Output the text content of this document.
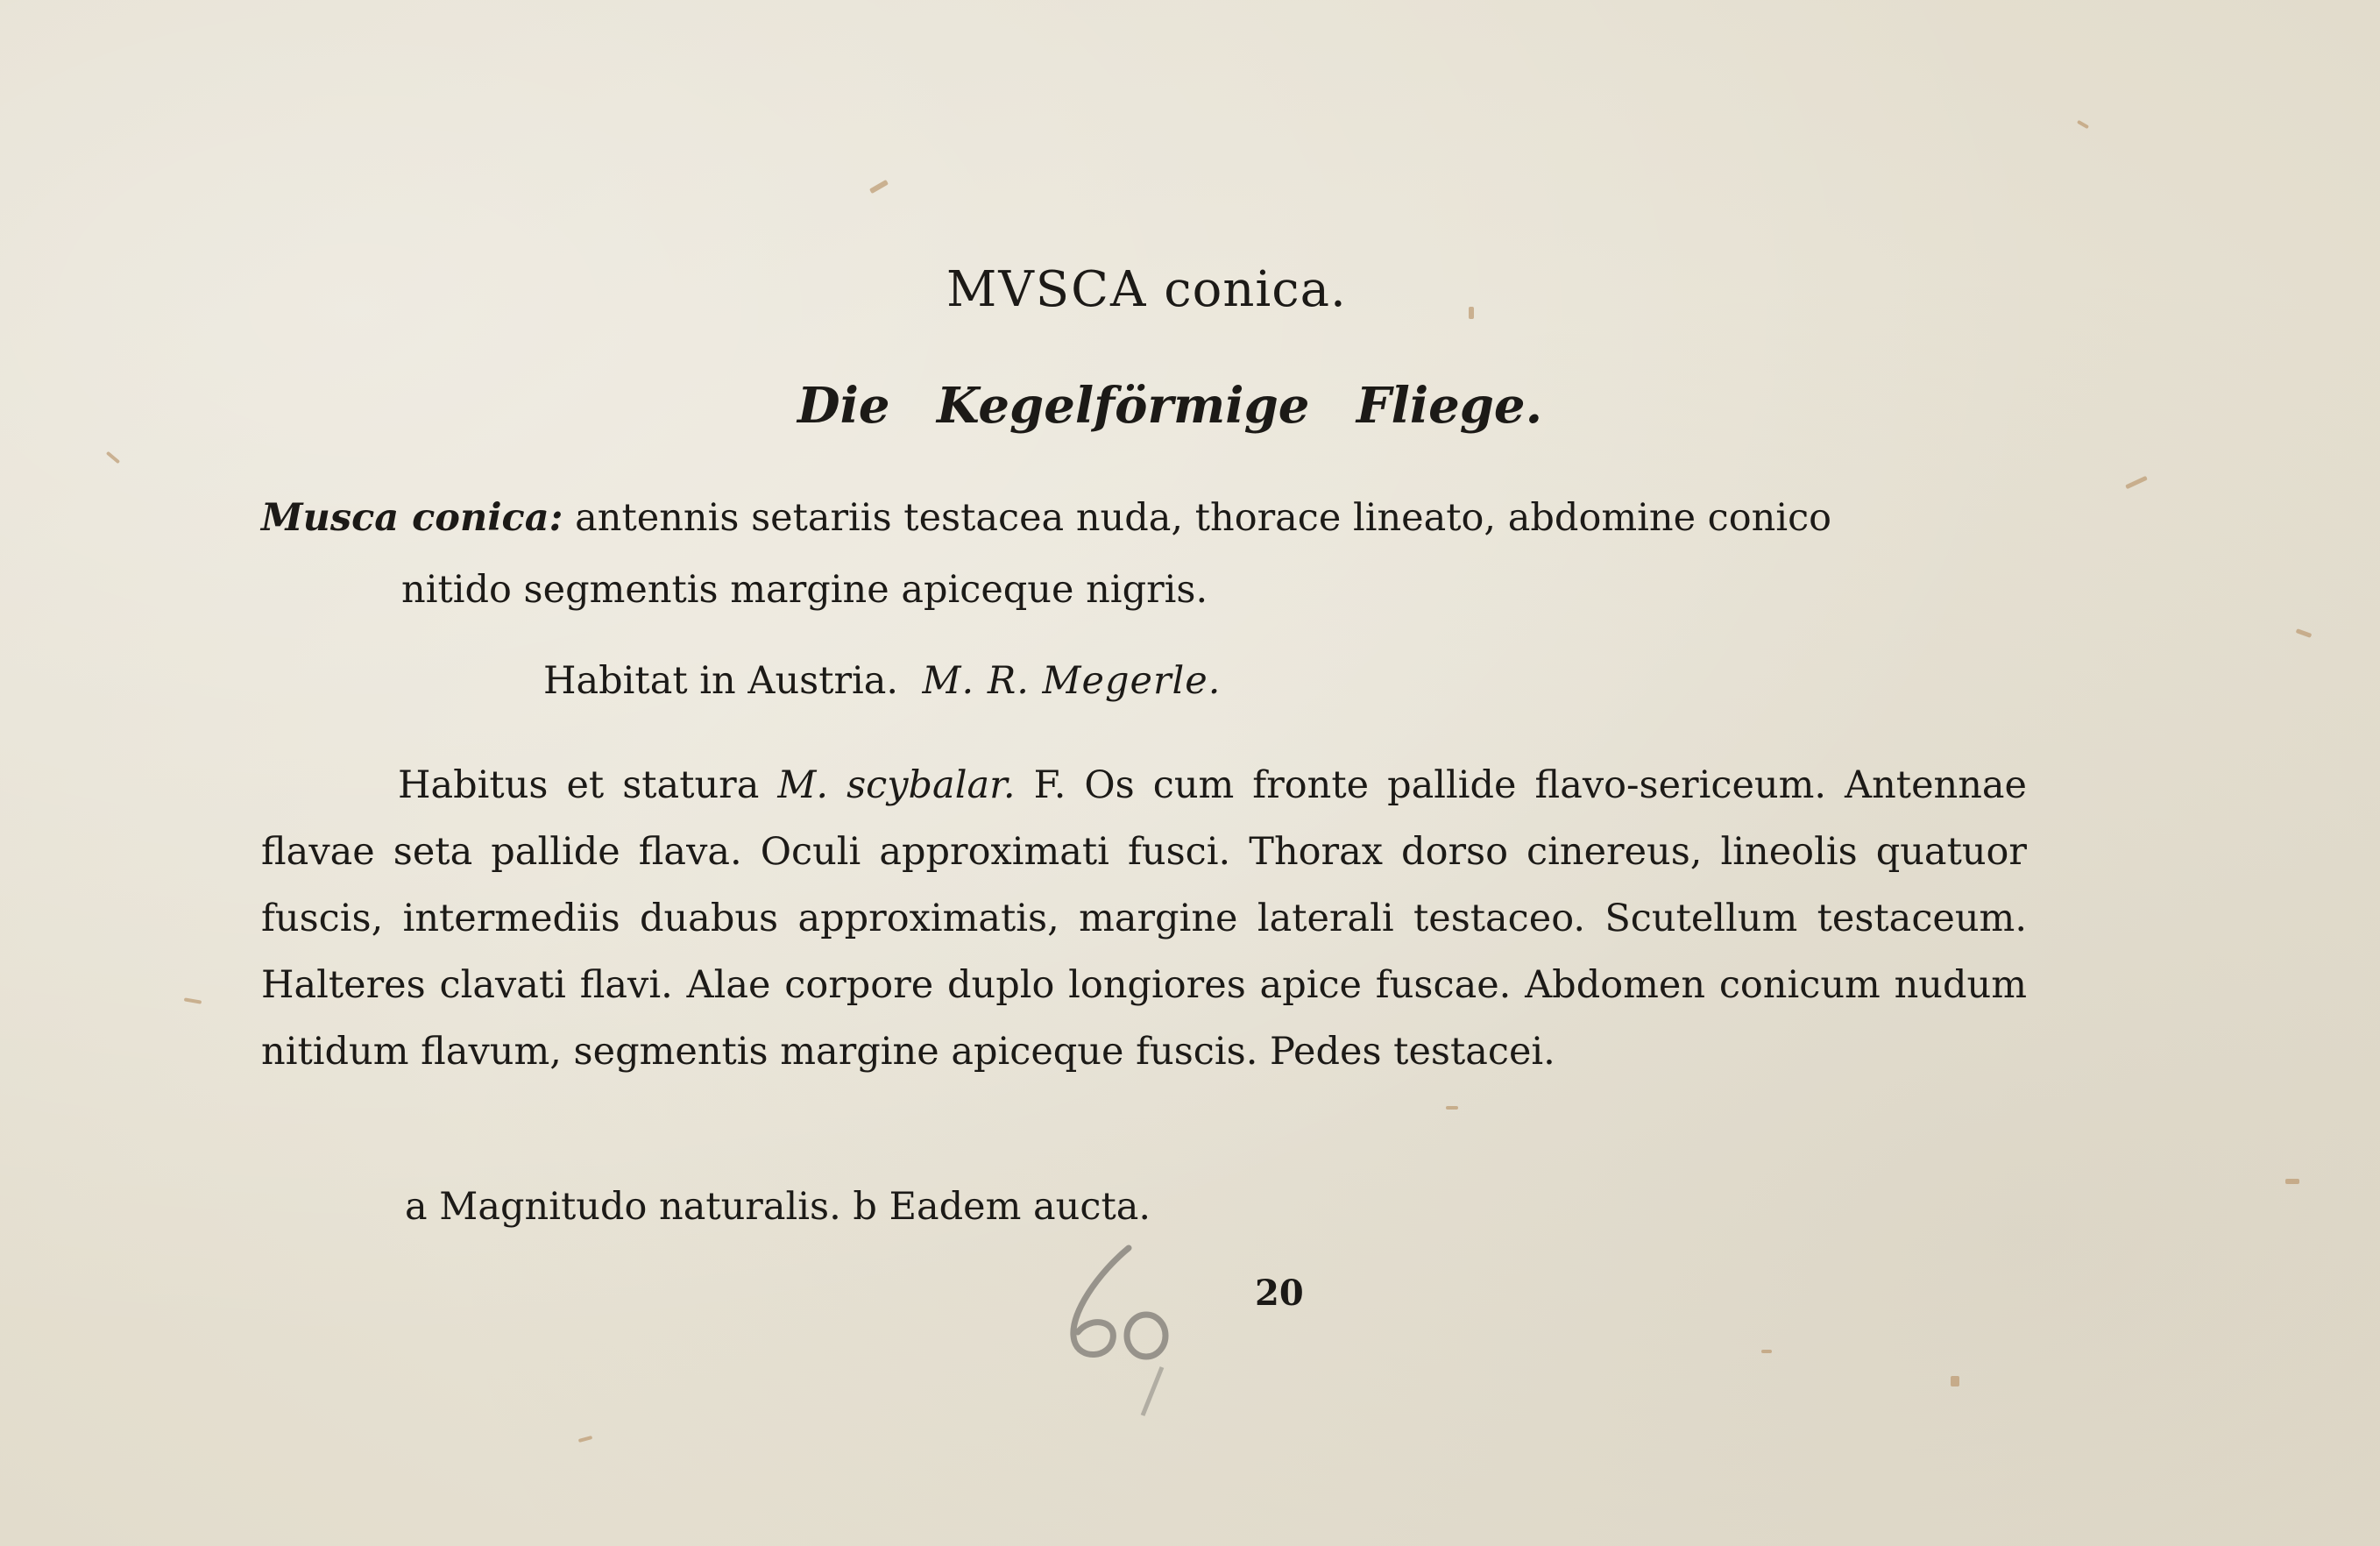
MVSCA conica.
Die Kegelförmige Fliege.
Musca conica: antennis setariis testacea nuda, thorace lineato, abdomine conico
nitido segmentis margine apiceque nigris.
Habitat in Austria. M. R. Megerle.
Habitus et statura M. scybalar. F. Os cum fronte pallide flavo-sericeum. Antennae flavae seta pallide flava. Oculi approximati fusci. Thorax dorso cinereus, lineolis quatuor fuscis, intermediis duabus approximatis, margine laterali testaceo. Scutellum testaceum. Halteres clavati flavi. Alae corpore duplo longiores apice fuscae. Abdomen conicum nudum nitidum flavum, segmentis margine apiceque fuscis. Pedes testacei.
a Magnitudo naturalis. b Eadem aucta.
20
60
